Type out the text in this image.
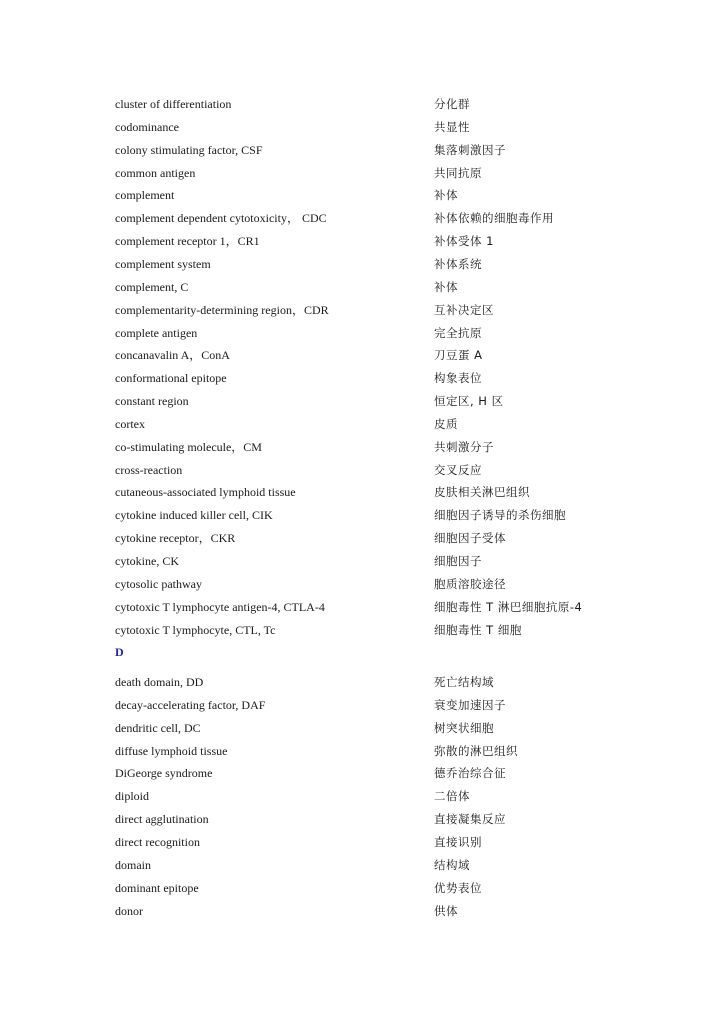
cluster of differentiation	分化群
codominance	共显性
colony stimulating factor, CSF	集落刺激因子
common antigen	共同抗原
complement	补体
complement dependent cytotoxicity， CDC	补体依赖的细胞毒作用
complement receptor 1，CR1	补体受体 1
complement system	补体系统
complement, C	补体
complementarity-determining region，CDR	互补决定区
complete antigen	完全抗原
concanavalin A，ConA	刀豆蛋 A
conformational epitope	构象表位
constant region	恒定区, H 区
cortex	皮质
co-stimulating molecule，CM	共刺激分子
cross-reaction	交叉反应
cutaneous-associated lymphoid tissue	皮肤相关淋巴组织
cytokine induced killer cell, CIK	细胞因子诱导的杀伤细胞
cytokine receptor，CKR	细胞因子受体
cytokine, CK	细胞因子
cytosolic pathway	胞质溶胶途径
cytotoxic T lymphocyte antigen-4, CTLA-4	细胞毒性 T 淋巴细胞抗原-4
cytotoxic T lymphocyte, CTL, Tc	细胞毒性 T 细胞
D
death domain, DD	死亡结构域
decay-accelerating factor, DAF	衰变加速因子
dendritic cell, DC	树突状细胞
diffuse lymphoid tissue	弥散的淋巴组织
DiGeorge syndrome	德乔治综合征
diploid	二倍体
direct agglutination	直接凝集反应
direct recognition	直接识别
domain	结构域
dominant epitope	优势表位
donor	供体
